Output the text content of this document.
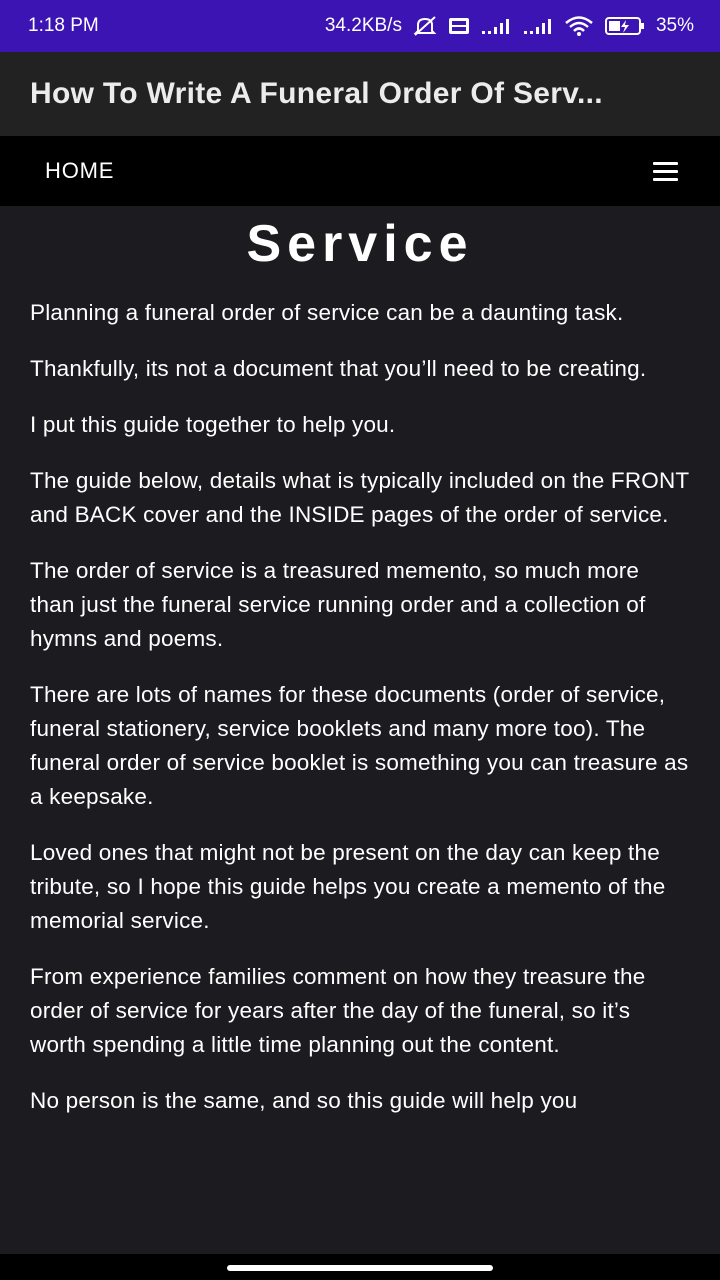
1:18 PM	34.2KB/s	35%
How To Write A Funeral Order Of Serv...
HOME
Service

Planning a funeral order of service can be a daunting task.

Thankfully, its not a document that you’ll need to be creating.

I put this guide together to help you.

The guide below, details what is typically included on the FRONT and BACK cover and the INSIDE pages of the order of service.

The order of service is a treasured memento, so much more than just the funeral service running order and a collection of hymns and poems.

There are lots of names for these documents (order of service, funeral stationery, service booklets and many more too). The funeral order of service booklet is something you can treasure as a keepsake.

Loved ones that might not be present on the day can keep the tribute, so I hope this guide helps you create a memento of the memorial service.

From experience families comment on how they treasure the order of service for years after the day of the funeral, so it’s worth spending a little time planning out the content.

No person is the same, and so this guide will help you
